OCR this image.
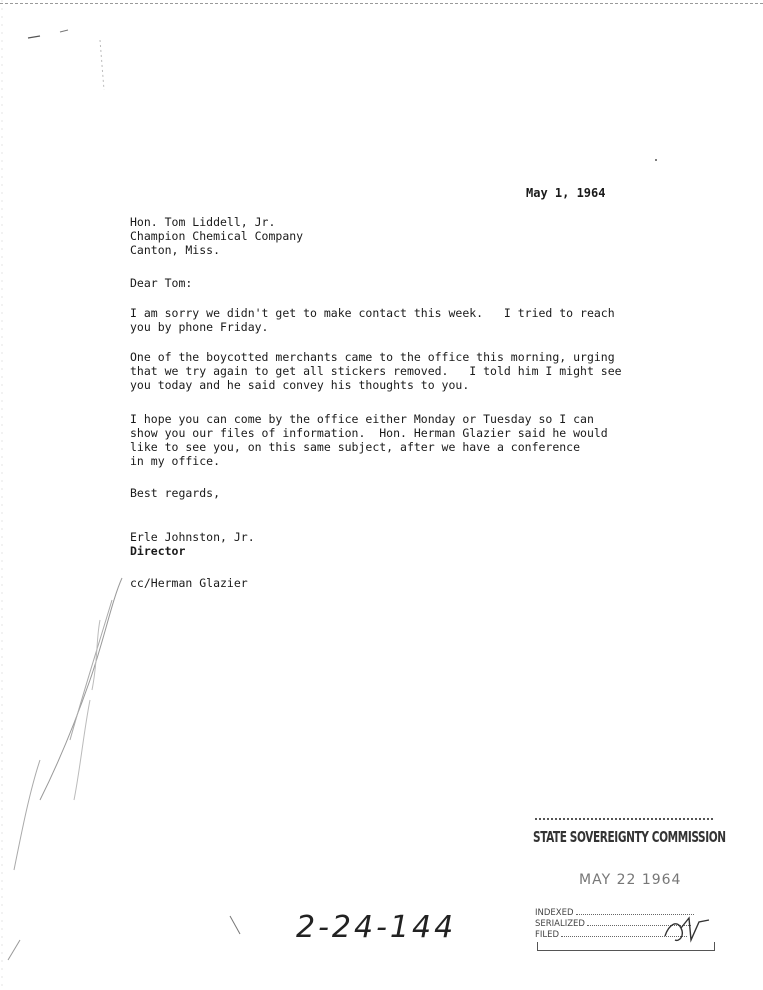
May 1, 1964
Hon. Tom Liddell, Jr.
Champion Chemical Company
Canton, Miss.
Dear Tom:
I am sorry we didn't get to make contact this week.   I tried to reach
you by phone Friday.
One of the boycotted merchants came to the office this morning, urging
that we try again to get all stickers removed.   I told him I might see
you today and he said convey his thoughts to you.
I hope you can come by the office either Monday or Tuesday so I can
show you our files of information.  Hon. Herman Glazier said he would
like to see you, on this same subject, after we have a conference
in my office.
Best regards,
Erle Johnston, Jr.
Director
cc/Herman Glazier
2-24-144
STATE SOVEREIGNTY COMMISSION
MAY 22 1964
INDEXED
SERIALIZED
FILED
